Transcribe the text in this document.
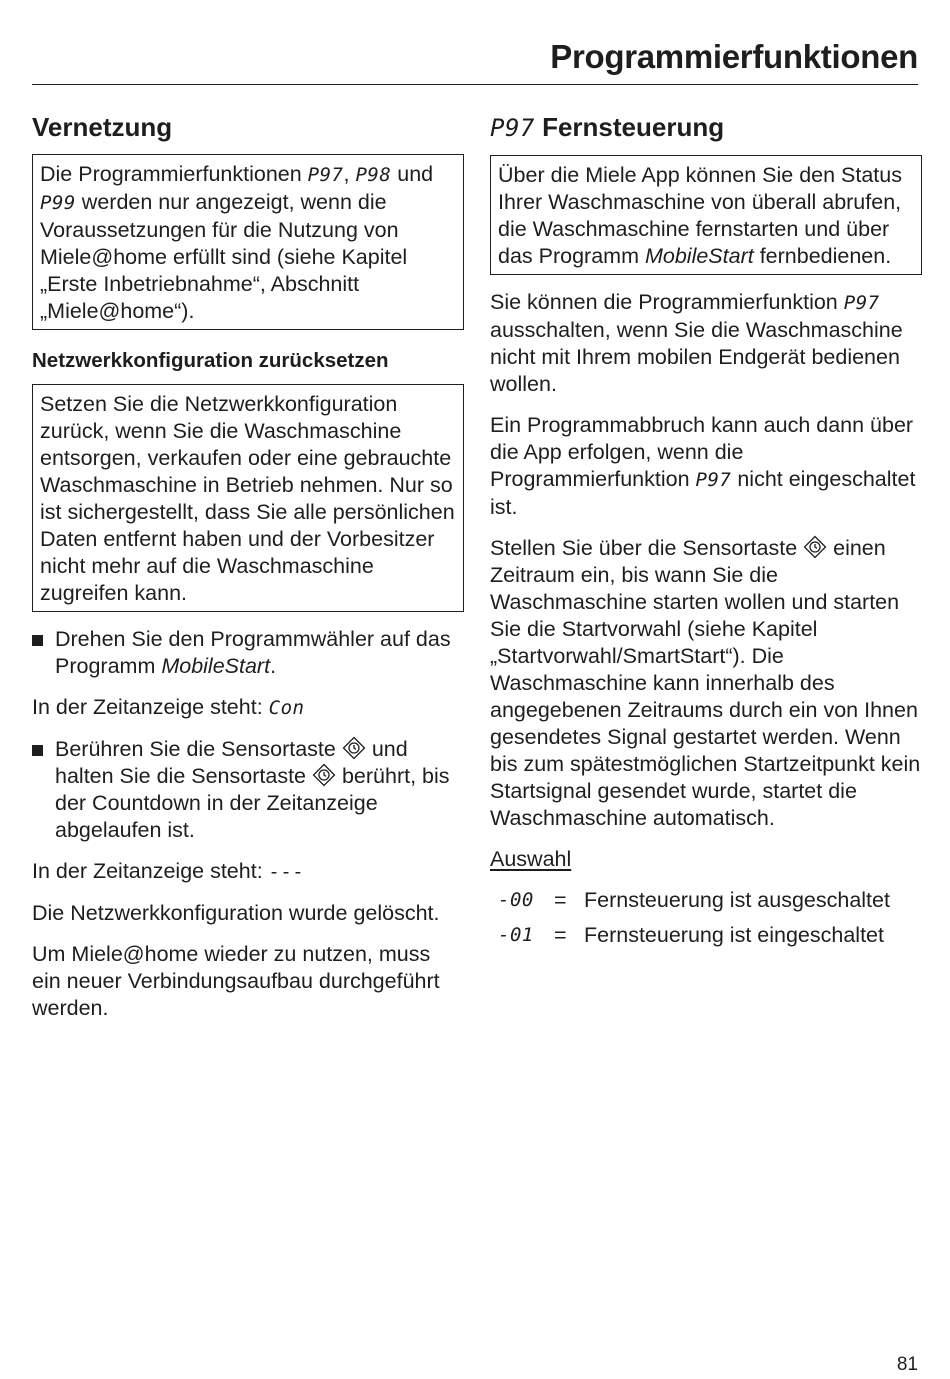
Programmierfunktionen
Vernetzung
Die Programmierfunktionen P97, P98 und P99 werden nur angezeigt, wenn die Voraussetzungen für die Nutzung von Miele@home erfüllt sind (siehe Kapitel „Erste Inbetriebnahme“, Abschnitt „Miele@home“).
Netzwerkkonfiguration zurücksetzen
Setzen Sie die Netzwerkkonfiguration zurück, wenn Sie die Waschmaschine entsorgen, verkaufen oder eine gebrauchte Waschmaschine in Betrieb nehmen. Nur so ist sichergestellt, dass Sie alle persönlichen Daten entfernt haben und der Vorbesitzer nicht mehr auf die Waschmaschine zugreifen kann.
Drehen Sie den Programmwähler auf das Programm MobileStart.

In der Zeitanzeige steht: Con

Berühren Sie die Sensortaste  und halten Sie die Sensortaste  berührt, bis der Countdown in der Zeitanzeige abgelaufen ist.

In der Zeitanzeige steht: ---

Die Netzwerkkonfiguration wurde gelöscht.

Um Miele@home wieder zu nutzen, muss ein neuer Verbindungsaufbau durchgeführt werden.

P97 Fernsteuerung
Über die Miele App können Sie den Status Ihrer Waschmaschine von überall abrufen, die Waschmaschine fernstarten und über das Programm MobileStart fernbedienen.

Sie können die Programmierfunktion P97 ausschalten, wenn Sie die Waschmaschine nicht mit Ihrem mobilen Endgerät bedienen wollen.

Ein Programmabbruch kann auch dann über die App erfolgen, wenn die Programmierfunktion P97 nicht eingeschaltet ist.

Stellen Sie über die Sensortaste  einen Zeitraum ein, bis wann Sie die Waschmaschine starten wollen und starten Sie die Startvorwahl (siehe Kapitel „Startvorwahl/SmartStart“). Die Waschmaschine kann innerhalb des angegebenen Zeitraums durch ein von Ihnen gesendetes Signal gestartet werden. Wenn bis zum spätestmöglichen Startzeitpunkt kein Startsignal gesendet wurde, startet die Waschmaschine automatisch.

Auswahl

-00 = Fernsteuerung ist ausgeschaltet
-01 = Fernsteuerung ist eingeschaltet
81
